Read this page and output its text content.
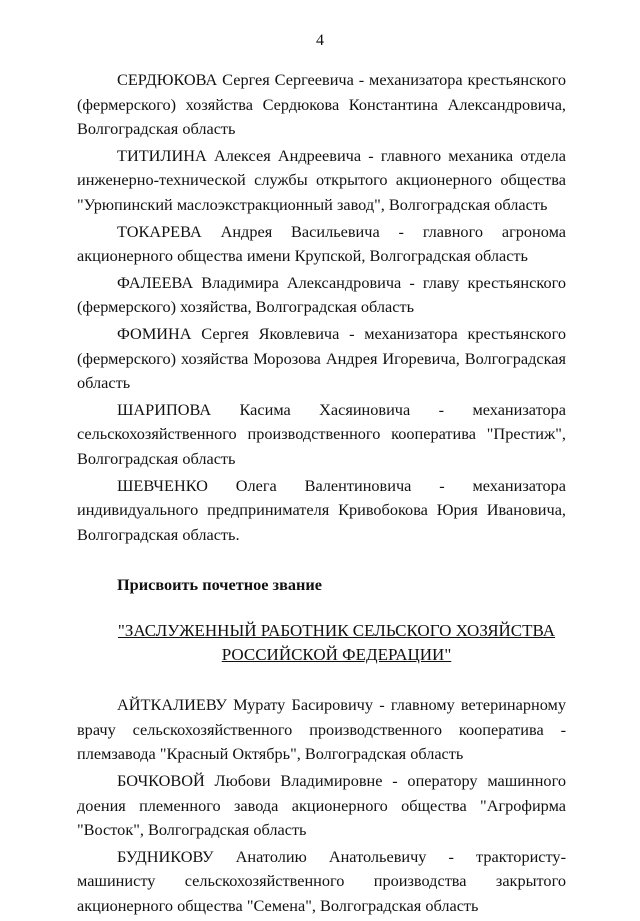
4

СЕРДЮКОВА Сергея Сергеевича - механизатора крестьянского (фермерского) хозяйства Сердюкова Константина Александровича, Волгоградская область

ТИТИЛИНА Алексея Андреевича - главного механика отдела инженерно-технической службы открытого акционерного общества "Урюпинский маслоэкстракционный завод", Волгоградская область

ТОКАРЕВА Андрея Васильевича - главного агронома акционерного общества имени Крупской, Волгоградская область

ФАЛЕЕВА Владимира Александровича - главу крестьянского (фермерского) хозяйства, Волгоградская область

ФОМИНА Сергея Яковлевича - механизатора крестьянского (фермерского) хозяйства Морозова Андрея Игоревича, Волгоградская область

ШАРИПОВА Касима Хасяиновича - механизатора сельскохозяйственного производственного кооператива "Престиж", Волгоградская область

ШЕВЧЕНКО Олега Валентиновича - механизатора индивидуального предпринимателя Кривобокова Юрия Ивановича, Волгоградская область.

Присвоить почетное звание

"ЗАСЛУЖЕННЫЙ РАБОТНИК СЕЛЬСКОГО ХОЗЯЙСТВА
РОССИЙСКОЙ ФЕДЕРАЦИИ"

АЙТКАЛИЕВУ Мурату Басировичу - главному ветеринарному врачу сельскохозяйственного производственного кооператива - племзавода "Красный Октябрь", Волгоградская область

БОЧКОВОЙ Любови Владимировне - оператору машинного доения племенного завода акционерного общества "Агрофирма "Восток", Волгоградская область

БУДНИКОВУ Анатолию Анатольевичу - трактористу-машинисту сельскохозяйственного производства закрытого акционерного общества "Семена", Волгоградская область
